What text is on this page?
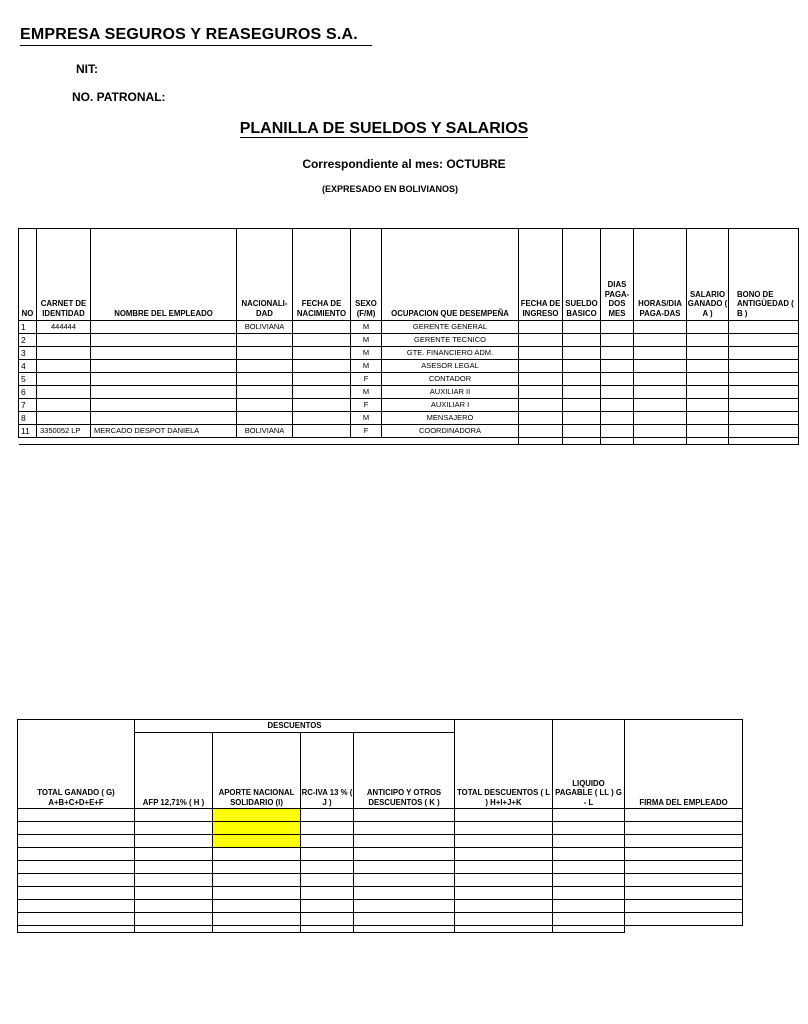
EMPRESA SEGUROS Y REASEGUROS S.A.
NIT:
NO. PATRONAL:
PLANILLA DE SUELDOS Y SALARIOS
Correspondiente al mes: OCTUBRE
(EXPRESADO EN BOLIVIANOS)
NO	CARNET DE IDENTIDAD	NOMBRE DEL EMPLEADO	NACIONALI-DAD	FECHA DE NACIMIENTO	SEXO (F/M)	OCUPACION QUE DESEMPEÑA	FECHA DE INGRESO	SUELDO BASICO	DIAS PAGA-DOS MES	HORAS/DIA PAGA-DAS	SALARIO GANADO ( A )	BONO DE ANTIGÜEDAD ( B )
1	444444		BOLIVIANA		M	GERENTE GENERAL						
2					M	GERENTE TECNICO						
3					M	GTE. FINANCIERO ADM.						
4					M	ASESOR LEGAL						
5					F	CONTADOR						
6					M	AUXILIAR II						
7					F	AUXILIAR I						
8					M	MENSAJERO						
11	3350052 LP	MERCADO DESPOT DANIELA	BOLIVIANA		F	COORDINADORA						

TOTAL GANADO ( G) A+B+C+D+E+F	DESCUENTOS				TOTAL DESCUENTOS ( L ) H+I+J+K	LIQUIDO PAGABLE ( LL ) G - L	FIRMA DEL EMPLEADO
	AFP 12,71% ( H )	APORTE NACIONAL SOLIDARIO (I)	RC-IVA 13 % ( J )	ANTICIPO Y OTROS DESCUENTOS ( K )			
